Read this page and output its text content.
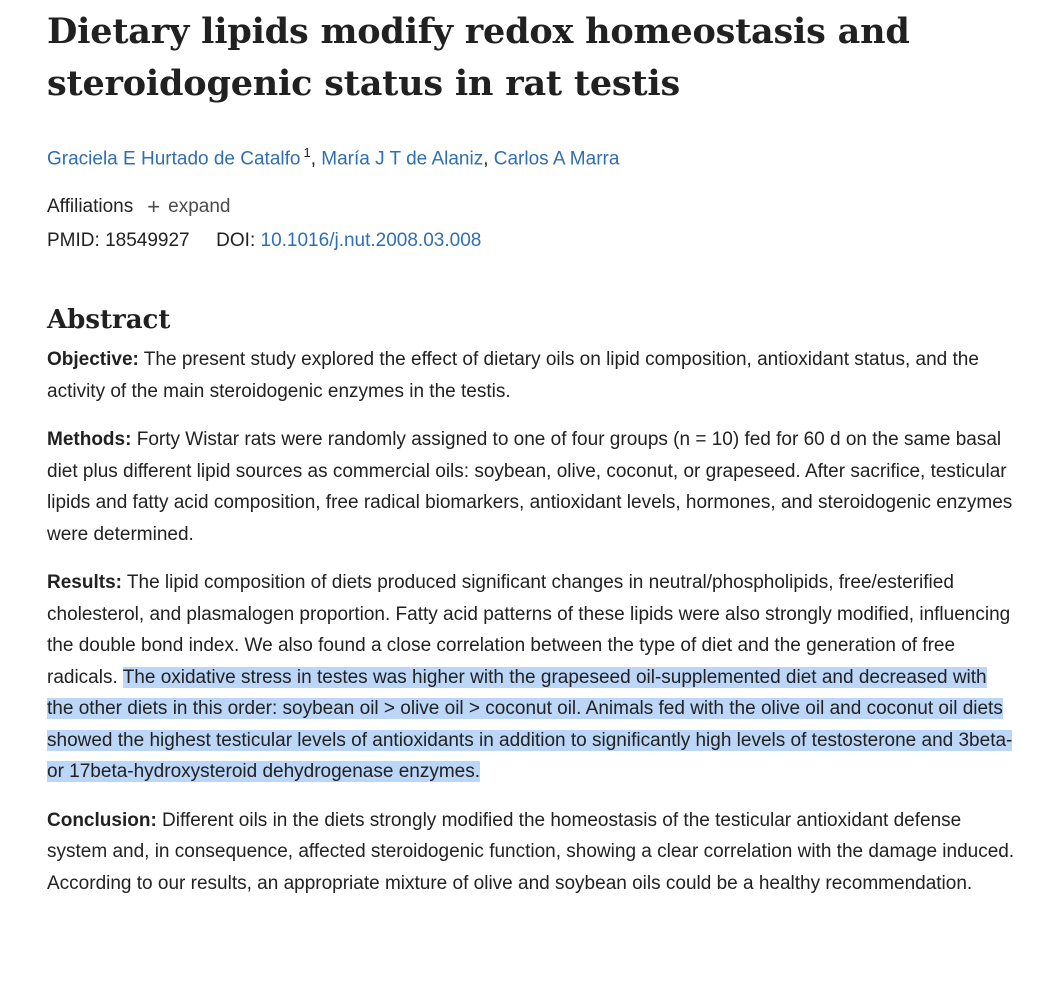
Dietary lipids modify redox homeostasis and steroidogenic status in rat testis
Graciela E Hurtado de Catalfo $^1$, María J T de Alaniz, Carlos A Marra
Affiliations + expand
PMID: 18549927 DOI: 10.1016/j.nut.2008.03.008
Abstract

Objective: The present study explored the effect of dietary oils on lipid composition, antioxidant status, and the activity of the main steroidogenic enzymes in the testis.

Methods: Forty Wistar rats were randomly assigned to one of four groups (n = 10) fed for 60 d on the same basal diet plus different lipid sources as commercial oils: soybean, olive, coconut, or grapeseed. After sacrifice, testicular lipids and fatty acid composition, free radical biomarkers, antioxidant levels, hormones, and steroidogenic enzymes were determined.

Results: The lipid composition of diets produced significant changes in neutral/phospholipids, free/esterified cholesterol, and plasmalogen proportion. Fatty acid patterns of these lipids were also strongly modified, influencing the double bond index. We also found a close correlation between the type of diet and the generation of free radicals. The oxidative stress in testes was higher with the grapeseed oil-supplemented diet and decreased with the other diets in this order: soybean oil > olive oil > coconut oil. Animals fed with the olive oil and coconut oil diets showed the highest testicular levels of antioxidants in addition to significantly high levels of testosterone and 3beta- or 17beta-hydroxysteroid dehydrogenase enzymes.

Conclusion: Different oils in the diets strongly modified the homeostasis of the testicular antioxidant defense system and, in consequence, affected steroidogenic function, showing a clear correlation with the damage induced. According to our results, an appropriate mixture of olive and soybean oils could be a healthy recommendation.
